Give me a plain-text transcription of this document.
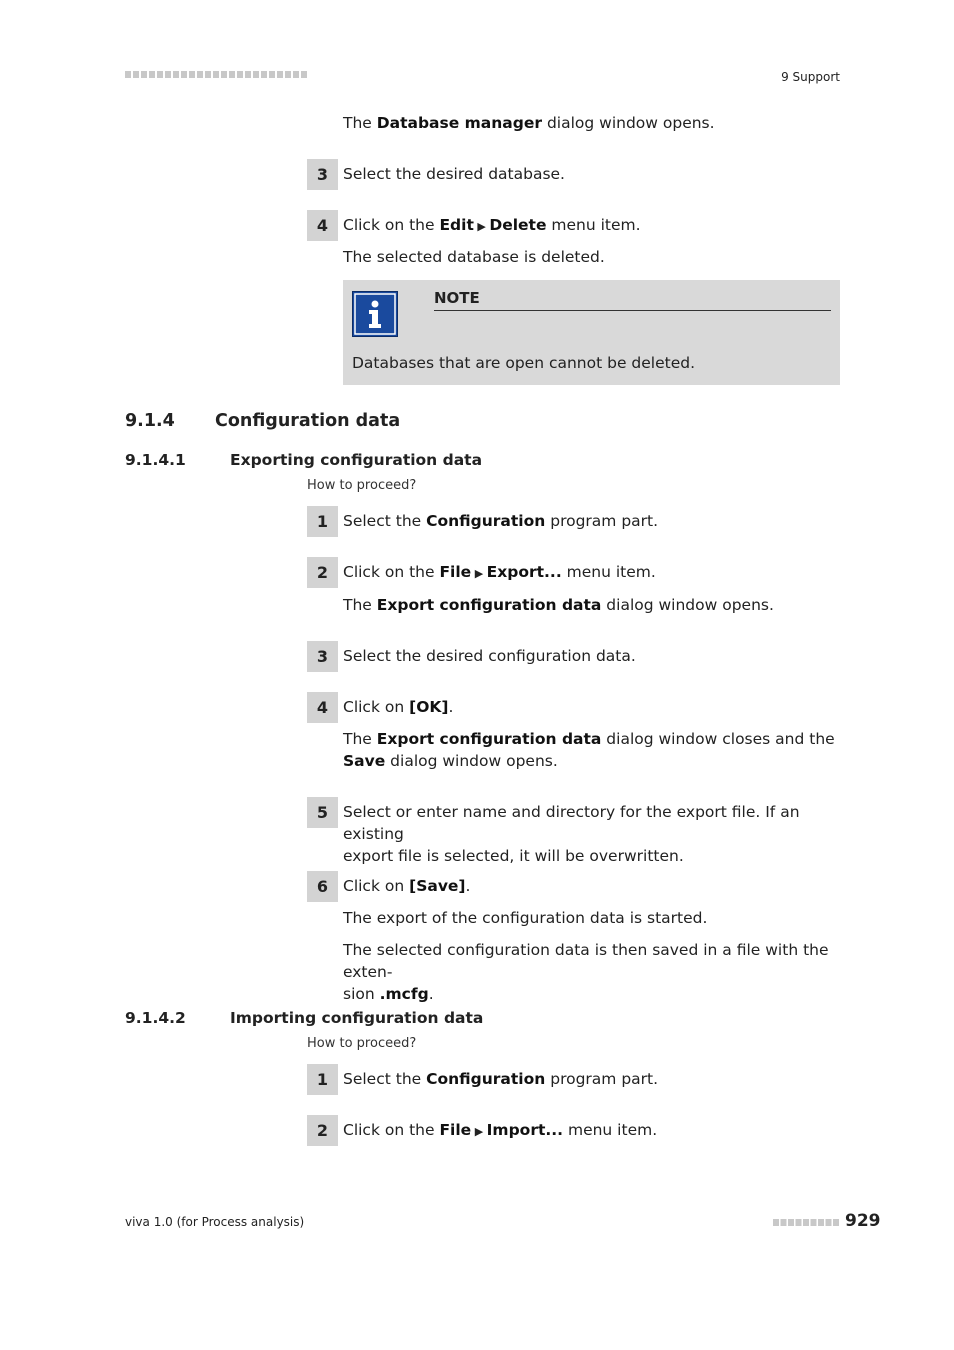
9 Support
The Database manager dialog window opens.
3 Select the desired database.
4 Click on the Edit ▶ Delete menu item.
The selected database is deleted.
NOTE
Databases that are open cannot be deleted.
9.1.4 Configuration data
9.1.4.1	Exporting configuration data
How to proceed?
1 Select the Configuration program part.
2 Click on the File ▶ Export... menu item.
The Export configuration data dialog window opens.
3 Select the desired configuration data.
4 Click on [OK].
The Export configuration data dialog window closes and the
Save dialog window opens.
5 Select or enter name and directory for the export file. If an existing
export file is selected, it will be overwritten.
6 Click on [Save].
The export of the configuration data is started.
The selected configuration data is then saved in a file with the exten-
sion .mcfg.
9.1.4.2	Importing configuration data
How to proceed?
1 Select the Configuration program part.
2 Click on the File ▶ Import... menu item.
viva 1.0 (for Process analysis)	929
